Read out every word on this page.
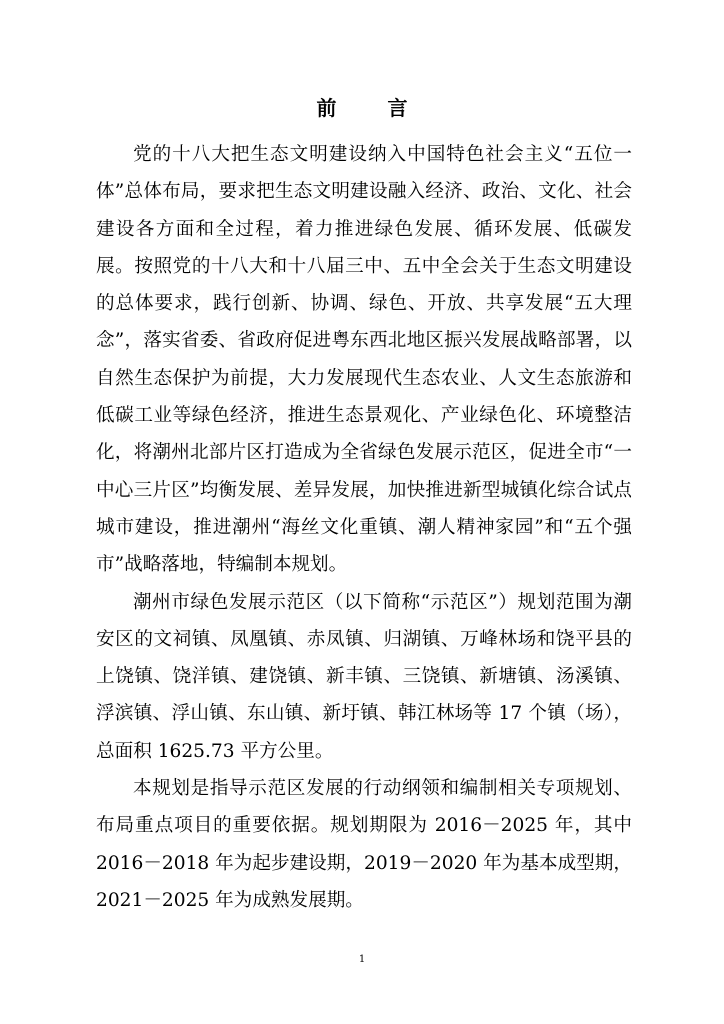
前 言

党的十八大把生态文明建设纳入中国特色社会主义“五位一体”总体布局，要求把生态文明建设融入经济、政治、文化、社会建设各方面和全过程，着力推进绿色发展、循环发展、低碳发展。按照党的十八大和十八届三中、五中全会关于生态文明建设的总体要求，践行创新、协调、绿色、开放、共享发展“五大理念”，落实省委、省政府促进粤东西北地区振兴发展战略部署，以自然生态保护为前提，大力发展现代生态农业、人文生态旅游和低碳工业等绿色经济，推进生态景观化、产业绿色化、环境整洁化，将潮州北部片区打造成为全省绿色发展示范区，促进全市“一中心三片区”均衡发展、差异发展，加快推进新型城镇化综合试点城市建设，推进潮州“海丝文化重镇、潮人精神家园”和“五个强市”战略落地，特编制本规划。

潮州市绿色发展示范区（以下简称“示范区”）规划范围为潮安区的文祠镇、凤凰镇、赤凤镇、归湖镇、万峰林场和饶平县的上饶镇、饶洋镇、建饶镇、新丰镇、三饶镇、新塘镇、汤溪镇、浮滨镇、浮山镇、东山镇、新圩镇、韩江林场等 17 个镇（场），总面积 1625.73 平方公里。

本规划是指导示范区发展的行动纲领和编制相关专项规划、布局重点项目的重要依据。规划期限为 2016－2025 年，其中 2016－2018 年为起步建设期，2019－2020 年为基本成型期，2021－2025 年为成熟发展期。

1
